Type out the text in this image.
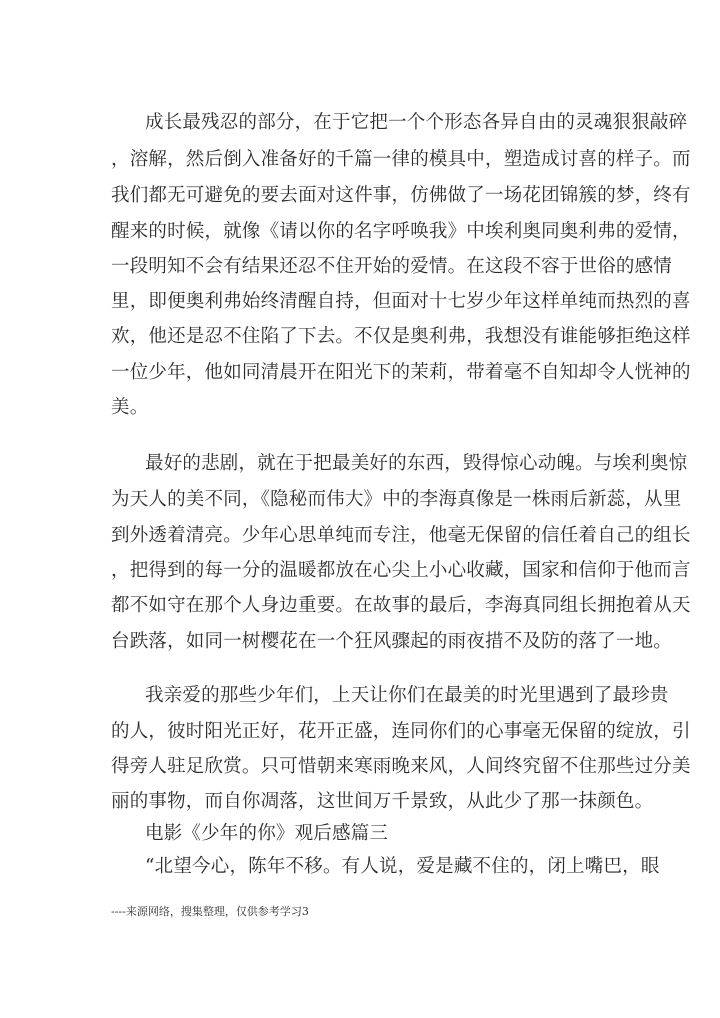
成长最残忍的部分，在于它把一个个形态各异自由的灵魂狠狠敲碎
，溶解，然后倒入准备好的千篇一律的模具中，塑造成讨喜的样子。而
我们都无可避免的要去面对这件事，仿佛做了一场花团锦簇的梦，终有
醒来的时候，就像《请以你的名字呼唤我》中埃利奥同奥利弗的爱情，
一段明知不会有结果还忍不住开始的爱情。在这段不容于世俗的感情
里，即便奥利弗始终清醒自持，但面对十七岁少年这样单纯而热烈的喜
欢，他还是忍不住陷了下去。不仅是奥利弗，我想没有谁能够拒绝这样
一位少年，他如同清晨开在阳光下的茉莉，带着毫不自知却令人恍神的
美。
最好的悲剧，就在于把最美好的东西，毁得惊心动魄。与埃利奥惊
为天人的美不同，《隐秘而伟大》中的李海真像是一株雨后新蕊，从里
到外透着清亮。少年心思单纯而专注，他毫无保留的信任着自己的组长
，把得到的每一分的温暖都放在心尖上小心收藏，国家和信仰于他而言
都不如守在那个人身边重要。在故事的最后，李海真同组长拥抱着从天
台跌落，如同一树樱花在一个狂风骤起的雨夜措不及防的落了一地。
我亲爱的那些少年们，上天让你们在最美的时光里遇到了最珍贵
的人，彼时阳光正好，花开正盛，连同你们的心事毫无保留的绽放，引
得旁人驻足欣赏。只可惜朝来寒雨晚来风，人间终究留不住那些过分美
丽的事物，而自你凋落，这世间万千景致，从此少了那一抹颜色。
电影《少年的你》观后感篇三
“北望今心，陈年不移。有人说，爱是藏不住的，闭上嘴巴，眼
----来源网络，搜集整理，仅供参考学习3
